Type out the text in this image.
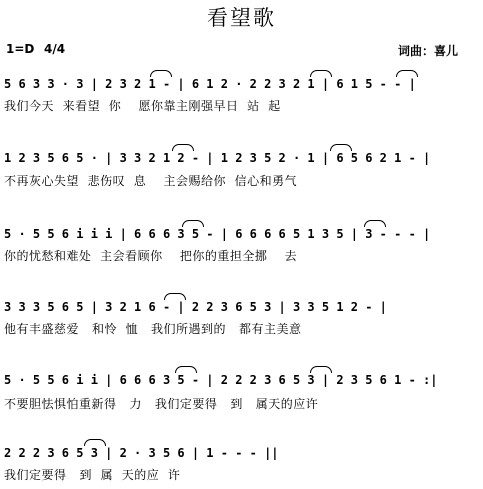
看望歌
1=D 4/4	词曲：喜儿
5 6 3 3 · 3 | 2 3 2 1 - | 6 1 2 · 2 2 3 2 1 | 6 1 5 - - |
我们今天  来看望  你    愿你靠主刚强早日  站  起
1 2 3 5 6 5 · | 3 3 2 1 2 - | 1 2 3 5 2 · 1 | 6 5 6 2 1 - |
不再灰心失望  悲伤叹  息    主会赐给你  信心和勇气
5 · 5 5 6 i i i | 6 6 6 3 5 - | 6 6 6 6 5 1 3 5 | 3 - - - |
你的忧愁和难处  主会看顾你    把你的重担全挪    去
3 3 3 5 6 5 | 3 2 1 6 - | 2 2 3 6 5 3 | 3 3 5 1 2 - |
他有丰盛慈爱   和怜  恤   我们所遇到的   都有主美意
5 · 5 5 6 i i | 6 6 6 3 5 - | 2 2 2 3 6 5 3 | 2 3 5 6 1 - :|
不要胆怯惧怕重新得   力   我们定要得   到   属天的应许
2 2 2 3 6 5 3 | 2 · 3 5 6 | 1 - - - ||
我们定要得   到  属  天的应  许
